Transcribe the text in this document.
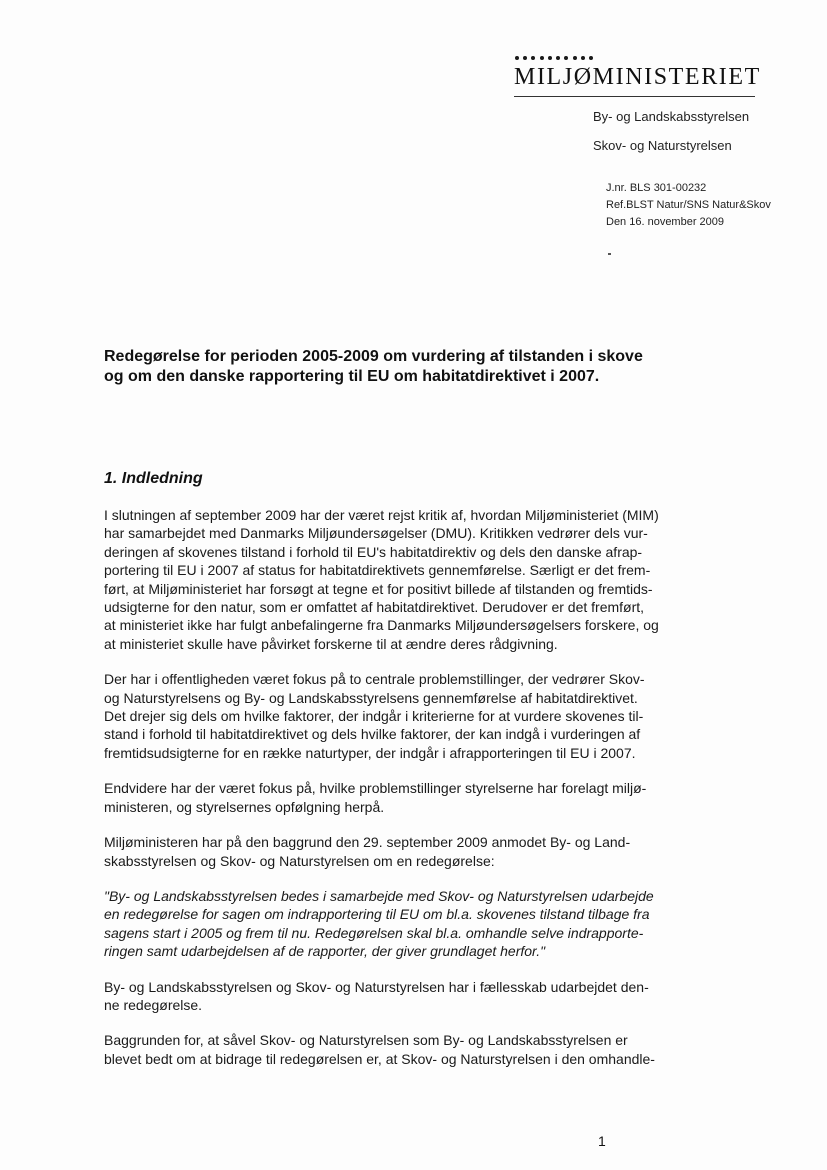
MILJØMINISTERIET
By- og Landskabsstyrelsen
Skov- og Naturstyrelsen
J.nr. BLS 301-00232
Ref.BLST Natur/SNS Natur&Skov
Den 16. november 2009
Redegørelse for perioden 2005-2009 om vurdering af tilstanden i skove
og om den danske rapportering til EU om habitatdirektivet i 2007.
1. Indledning

I slutningen af september 2009 har der været rejst kritik af, hvordan Miljøministeriet (MIM)
har samarbejdet med Danmarks Miljøundersøgelser (DMU). Kritikken vedrører dels vur-
deringen af skovenes tilstand i forhold til EU's habitatdirektiv og dels den danske afrap-
portering til EU i 2007 af status for habitatdirektivets gennemførelse. Særligt er det frem-
ført, at Miljøministeriet har forsøgt at tegne et for positivt billede af tilstanden og fremtids-
udsigterne for den natur, som er omfattet af habitatdirektivet. Derudover er det fremført,
at ministeriet ikke har fulgt anbefalingerne fra Danmarks Miljøundersøgelsers forskere, og
at ministeriet skulle have påvirket forskerne til at ændre deres rådgivning.

Der har i offentligheden været fokus på to centrale problemstillinger, der vedrører Skov-
og Naturstyrelsens og By- og Landskabsstyrelsens gennemførelse af habitatdirektivet.
Det drejer sig dels om hvilke faktorer, der indgår i kriterierne for at vurdere skovenes til-
stand i forhold til habitatdirektivet og dels hvilke faktorer, der kan indgå i vurderingen af
fremtidsudsigterne for en række naturtyper, der indgår i afrapporteringen til EU i 2007.

Endvidere har der været fokus på, hvilke problemstillinger styrelserne har forelagt miljø-
ministeren, og styrelsernes opfølgning herpå.

Miljøministeren har på den baggrund den 29. september 2009 anmodet By- og Land-
skabsstyrelsen og Skov- og Naturstyrelsen om en redegørelse:

"By- og Landskabsstyrelsen bedes i samarbejde med Skov- og Naturstyrelsen udarbejde
en redegørelse for sagen om indrapportering til EU om bl.a. skovenes tilstand tilbage fra
sagens start i 2005 og frem til nu. Redegørelsen skal bl.a. omhandle selve indrapporte-
ringen samt udarbejdelsen af de rapporter, der giver grundlaget herfor."

By- og Landskabsstyrelsen og Skov- og Naturstyrelsen har i fællesskab udarbejdet den-
ne redegørelse.

Baggrunden for, at såvel Skov- og Naturstyrelsen som By- og Landskabsstyrelsen er
blevet bedt om at bidrage til redegørelsen er, at Skov- og Naturstyrelsen i den omhandle-

1
